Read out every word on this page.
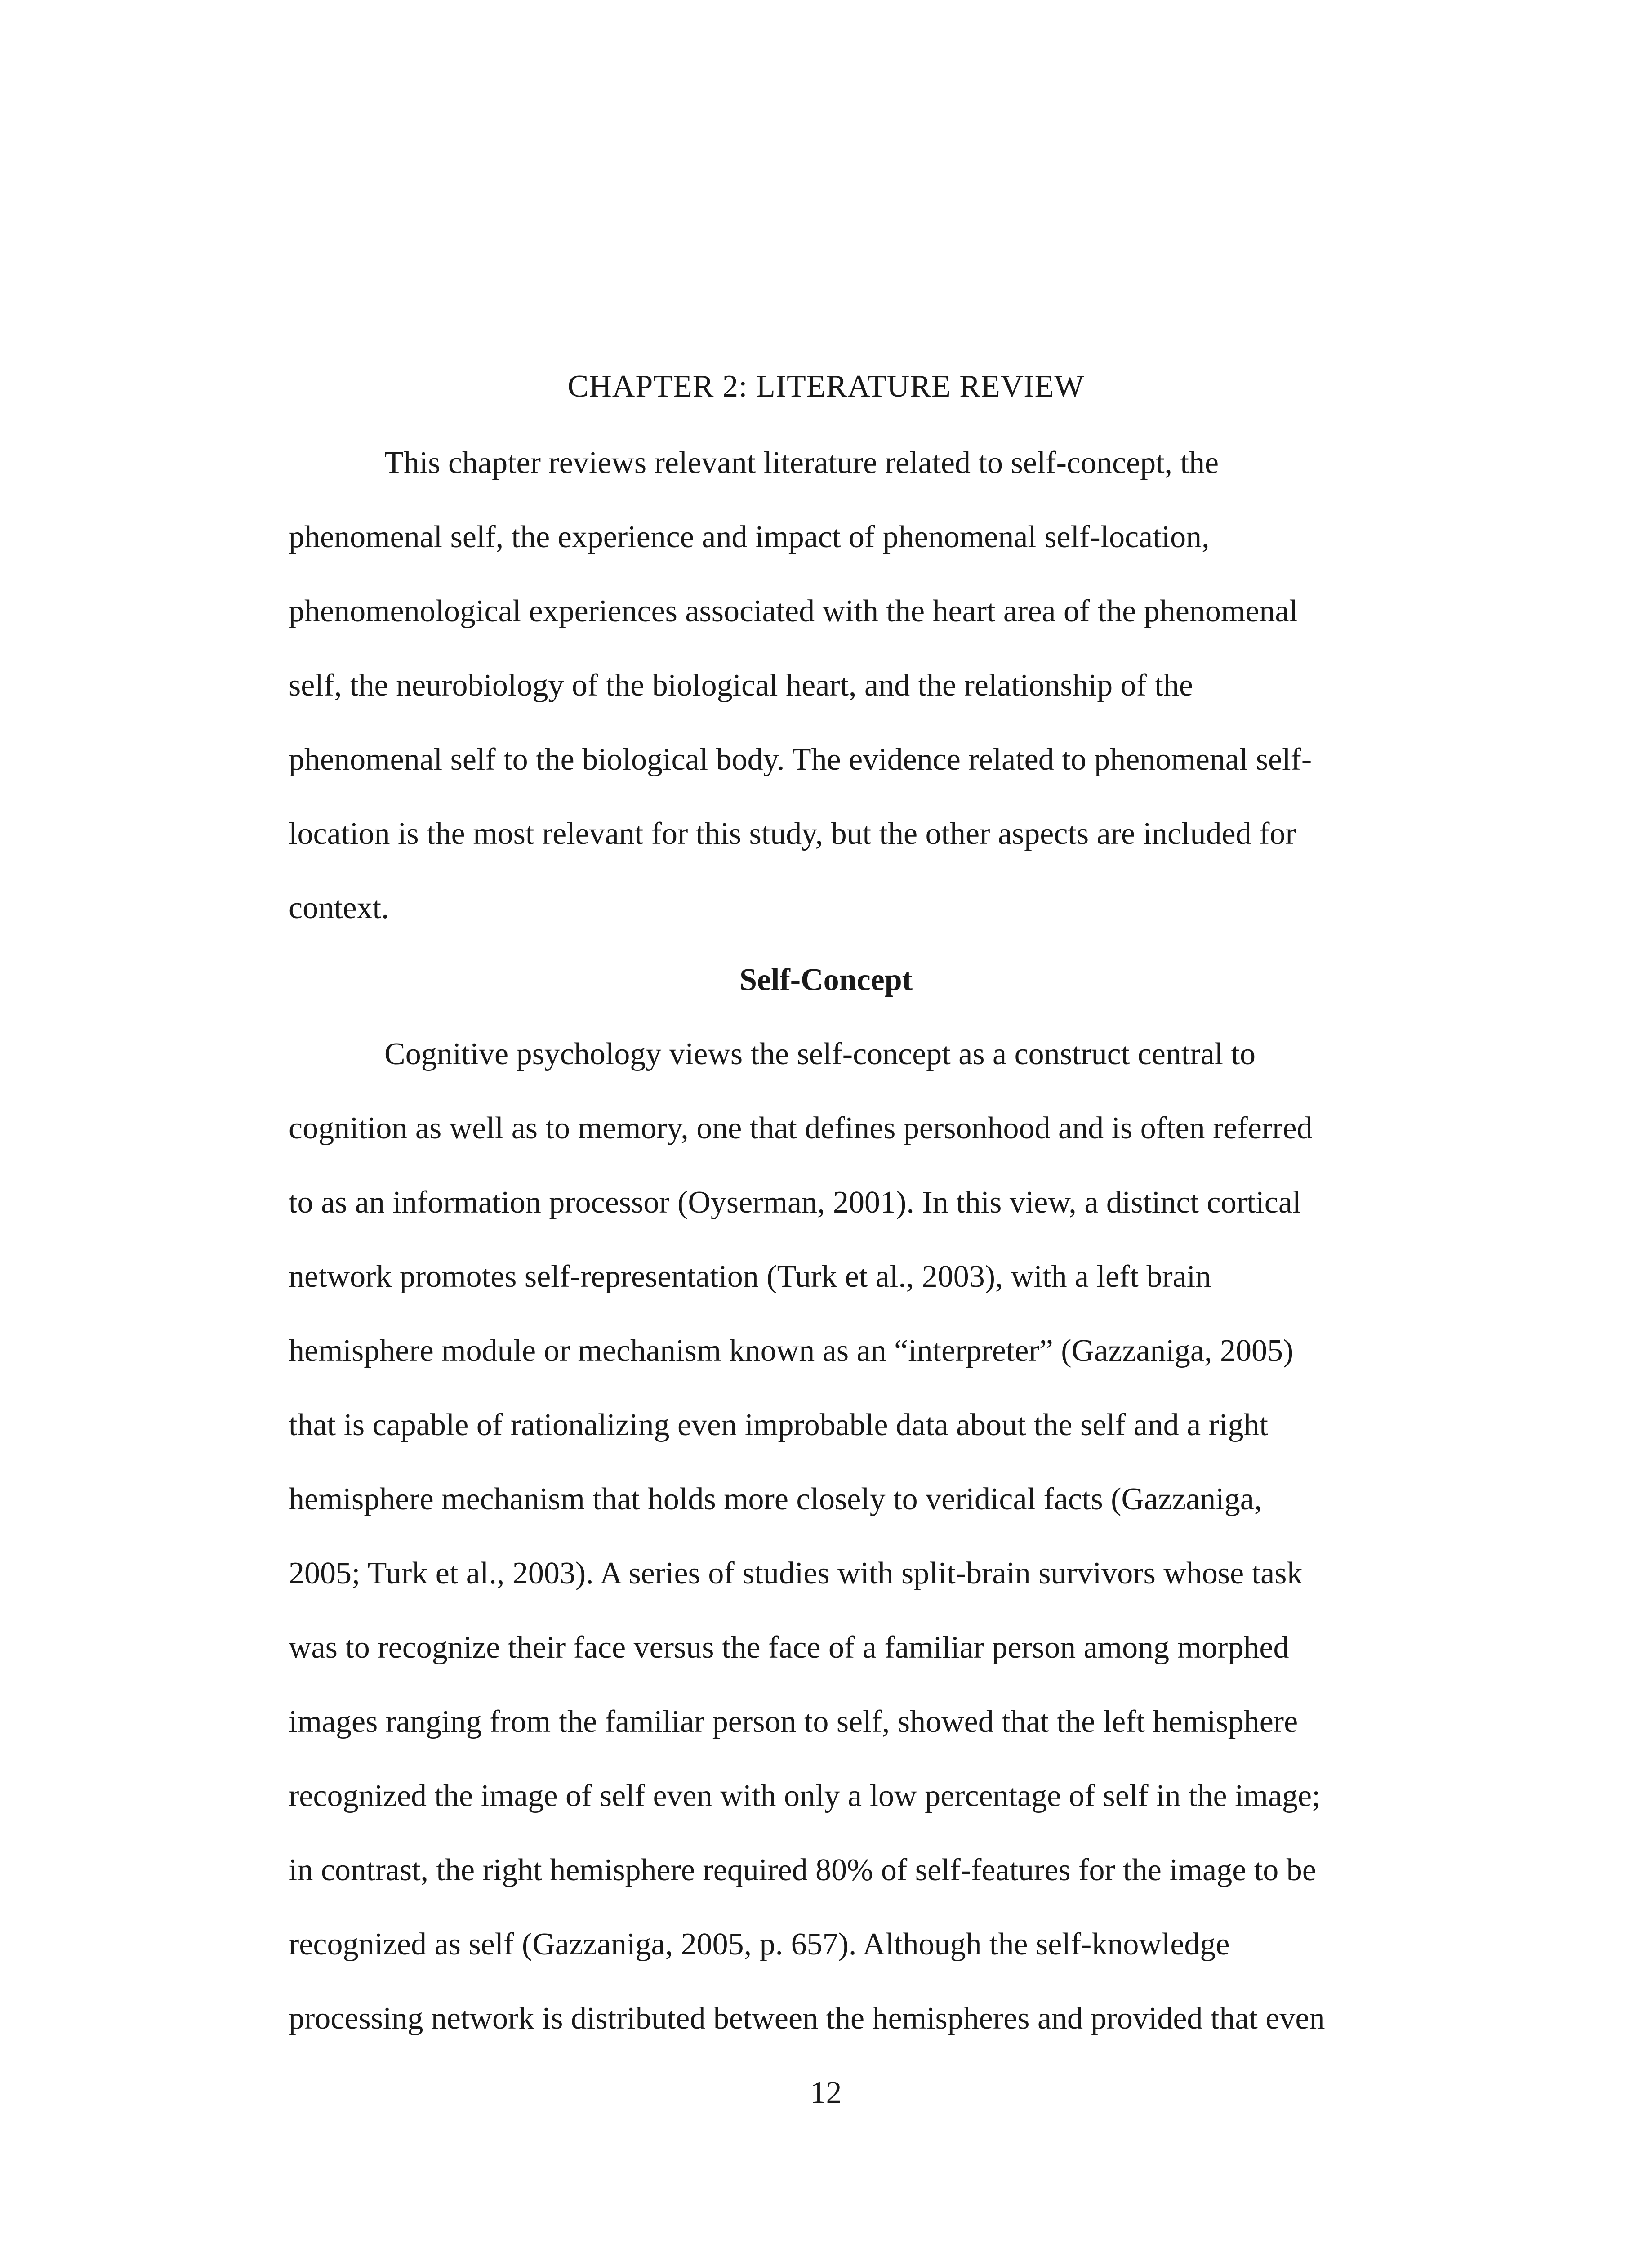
CHAPTER 2: LITERATURE REVIEW
This chapter reviews relevant literature related to self-concept, the
phenomenal self, the experience and impact of phenomenal self-location,
phenomenological experiences associated with the heart area of the phenomenal
self, the neurobiology of the biological heart, and the relationship of the
phenomenal self to the biological body. The evidence related to phenomenal self-
location is the most relevant for this study, but the other aspects are included for
context.
Self-Concept
Cognitive psychology views the self-concept as a construct central to
cognition as well as to memory, one that defines personhood and is often referred
to as an information processor (Oyserman, 2001). In this view, a distinct cortical
network promotes self-representation (Turk et al., 2003), with a left brain
hemisphere module or mechanism known as an “interpreter” (Gazzaniga, 2005)
that is capable of rationalizing even improbable data about the self and a right
hemisphere mechanism that holds more closely to veridical facts (Gazzaniga,
2005; Turk et al., 2003). A series of studies with split-brain survivors whose task
was to recognize their face versus the face of a familiar person among morphed
images ranging from the familiar person to self, showed that the left hemisphere
recognized the image of self even with only a low percentage of self in the image;
in contrast, the right hemisphere required 80% of self-features for the image to be
recognized as self (Gazzaniga, 2005, p. 657). Although the self-knowledge
processing network is distributed between the hemispheres and provided that even
12
